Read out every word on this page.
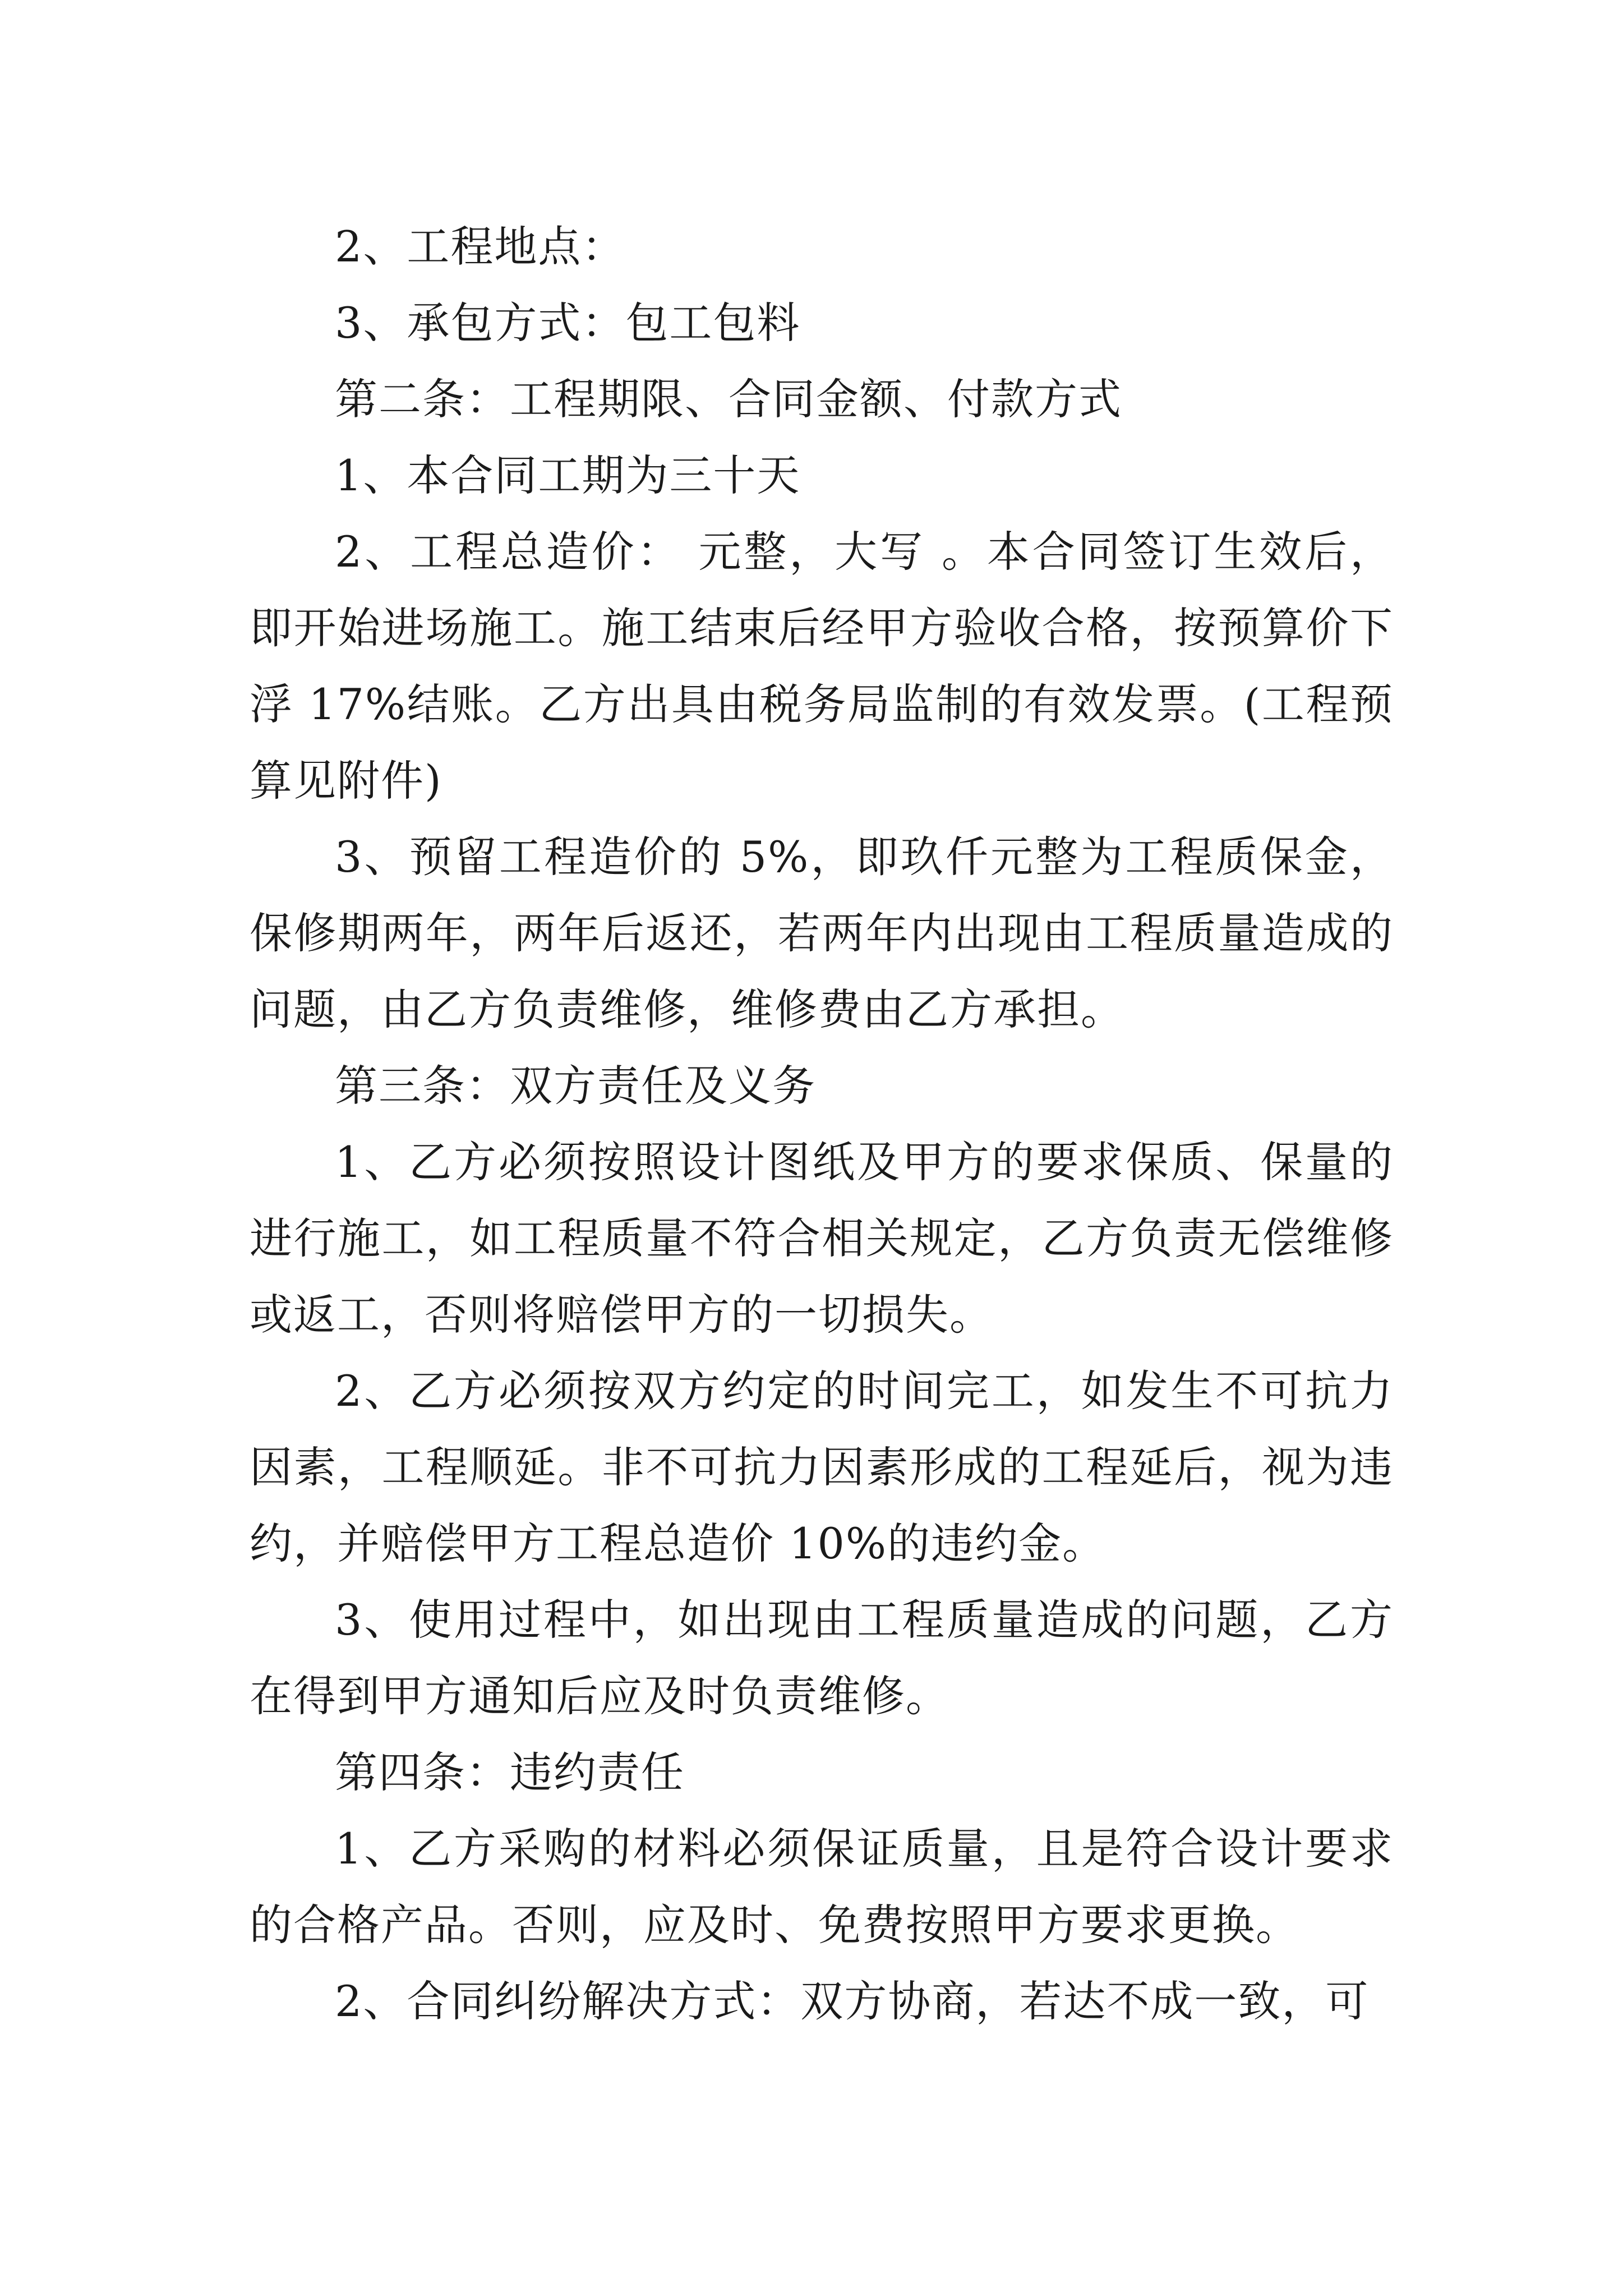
2、工程地点：

3、承包方式：包工包料

第二条：工程期限、合同金额、付款方式

1、本合同工期为三十天

2、工程总造价： 元整，大写 。本合同签订生效后，即开始进场施工。施工结束后经甲方验收合格，按预算价下浮 17%结账。乙方出具由税务局监制的有效发票。(工程预算见附件)

3、预留工程造价的 5%，即玖仟元整为工程质保金，保修期两年，两年后返还，若两年内出现由工程质量造成的问题，由乙方负责维修，维修费由乙方承担。

第三条：双方责任及义务

1、乙方必须按照设计图纸及甲方的要求保质、保量的进行施工，如工程质量不符合相关规定，乙方负责无偿维修或返工，否则将赔偿甲方的一切损失。

2、乙方必须按双方约定的时间完工，如发生不可抗力因素，工程顺延。非不可抗力因素形成的工程延后，视为违约，并赔偿甲方工程总造价 10%的违约金。

3、使用过程中，如出现由工程质量造成的问题，乙方在得到甲方通知后应及时负责维修。

第四条：违约责任

1、乙方采购的材料必须保证质量，且是符合设计要求的合格产品。否则，应及时、免费按照甲方要求更换。

2、合同纠纷解决方式：双方协商，若达不成一致，可
